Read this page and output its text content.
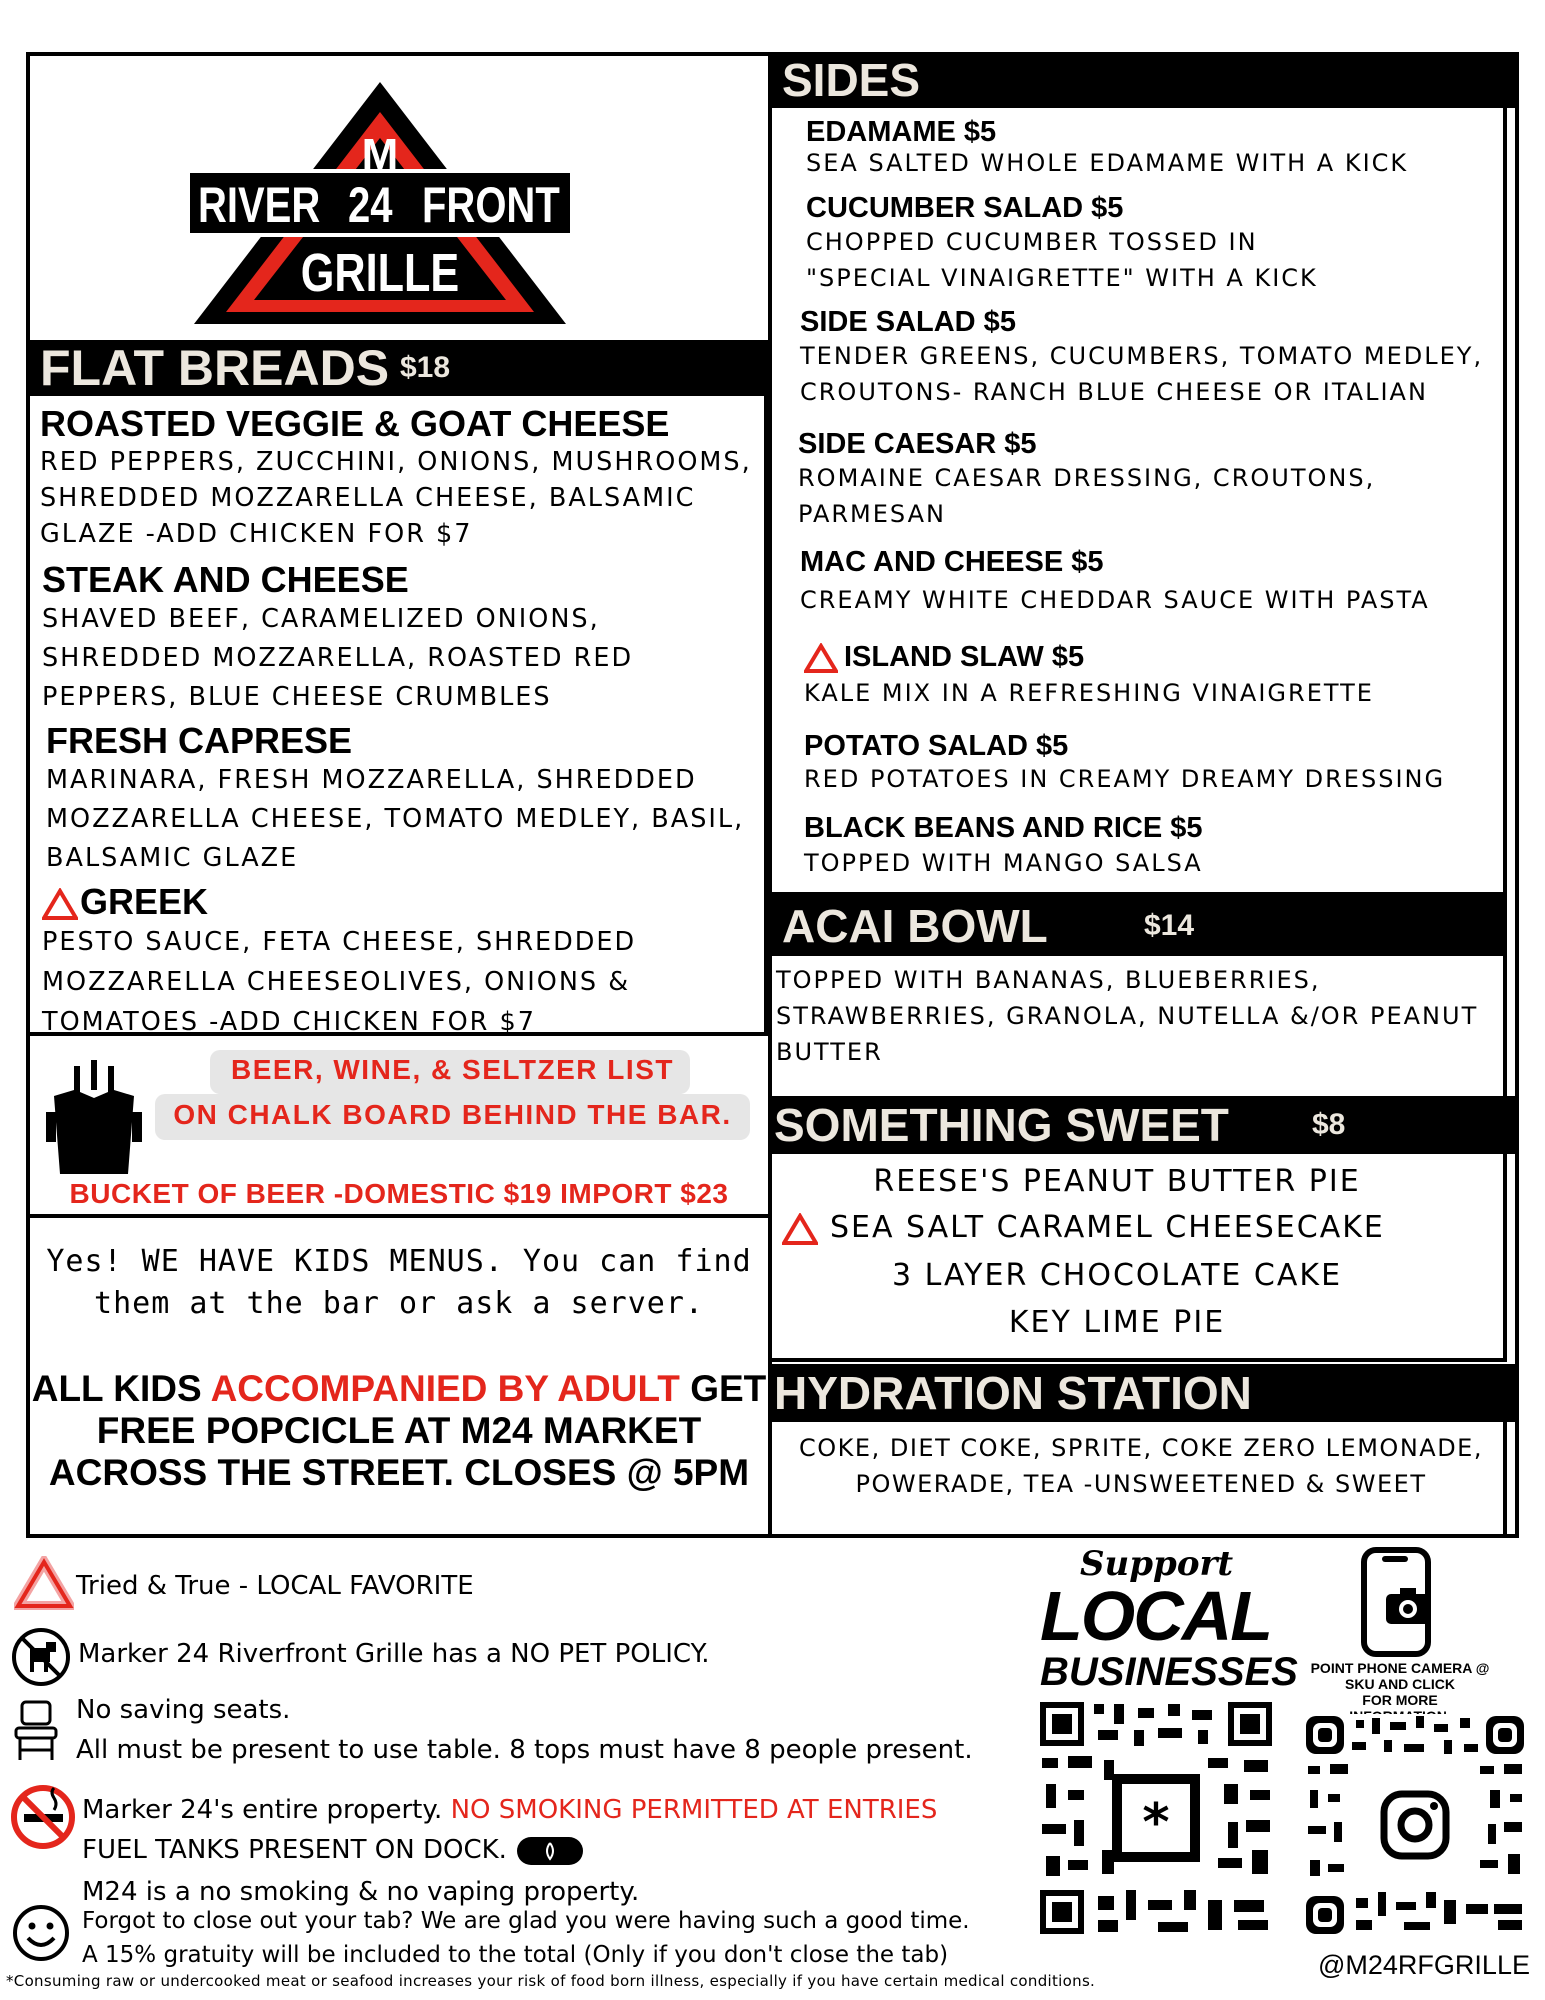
M
RIVER 24 FRONT
GRILLE
FLAT BREADS $18
ROASTED VEGGIE & GOAT CHEESE
RED PEPPERS, ZUCCHINI, ONIONS, MUSHROOMS,
SHREDDED MOZZARELLA CHEESE, BALSAMIC
GLAZE -ADD CHICKEN FOR $7
STEAK AND CHEESE
SHAVED BEEF, CARAMELIZED ONIONS,
SHREDDED MOZZARELLA, ROASTED RED
PEPPERS, BLUE CHEESE CRUMBLES
FRESH CAPRESE
MARINARA, FRESH MOZZARELLA, SHREDDED
MOZZARELLA CHEESE, TOMATO MEDLEY, BASIL,
BALSAMIC GLAZE
GREEK
PESTO SAUCE, FETA CHEESE, SHREDDED
MOZZARELLA CHEESEOLIVES, ONIONS &
TOMATOES -ADD CHICKEN FOR $7
BEER, WINE, & SELTZER LIST
ON CHALK BOARD BEHIND THE BAR.
BUCKET OF BEER -DOMESTIC $19 IMPORT $23
Yes! WE HAVE KIDS MENUS. You can find
them at the bar or ask a server.
ALL KIDS ACCOMPANIED BY ADULT GET
FREE POPCICLE AT M24 MARKET
ACROSS THE STREET. CLOSES @ 5PM
SIDES
EDAMAME $5
SEA SALTED WHOLE EDAMAME WITH A KICK
CUCUMBER SALAD $5
CHOPPED CUCUMBER TOSSED IN
"SPECIAL VINAIGRETTE" WITH A KICK
SIDE SALAD $5
TENDER GREENS, CUCUMBERS, TOMATO MEDLEY,
CROUTONS- RANCH BLUE CHEESE OR ITALIAN
SIDE CAESAR $5
ROMAINE CAESAR DRESSING, CROUTONS,
PARMESAN
MAC AND CHEESE $5
CREAMY WHITE CHEDDAR SAUCE WITH PASTA
ISLAND SLAW $5
KALE MIX IN A REFRESHING VINAIGRETTE
POTATO SALAD $5
RED POTATOES IN CREAMY DREAMY DRESSING
BLACK BEANS AND RICE $5
TOPPED WITH MANGO SALSA
ACAI BOWL	$14
TOPPED WITH BANANAS, BLUEBERRIES,
STRAWBERRIES, GRANOLA, NUTELLA &/OR PEANUT
BUTTER
SOMETHING SWEET	$8
REESE'S PEANUT BUTTER PIE
SEA SALT CARAMEL CHEESECAKE
3 LAYER CHOCOLATE CAKE
KEY LIME PIE
HYDRATION STATION
COKE, DIET COKE, SPRITE, COKE ZERO LEMONADE,
POWERADE, TEA -UNSWEETENED & SWEET
Tried & True - LOCAL FAVORITE
Marker 24 Riverfront Grille has a NO PET POLICY.
No saving seats.
All must be present to use table. 8 tops must have 8 people present.
Marker 24's entire property. NO SMOKING PERMITTED AT ENTRIES
FUEL TANKS PRESENT ON DOCK.
M24 is a no smoking & no vaping property.
Forgot to close out your tab? We are glad you were having such a good time.
A 15% gratuity will be included to the total (Only if you don't close the tab)
*Consuming raw or undercooked meat or seafood increases your risk of food born illness, especially if you have certain medical conditions.
Support
LOCAL
BUSINESSES
*
POINT PHONE CAMERA @
SKU AND CLICK
FOR MORE
@M24RFGRILLE
